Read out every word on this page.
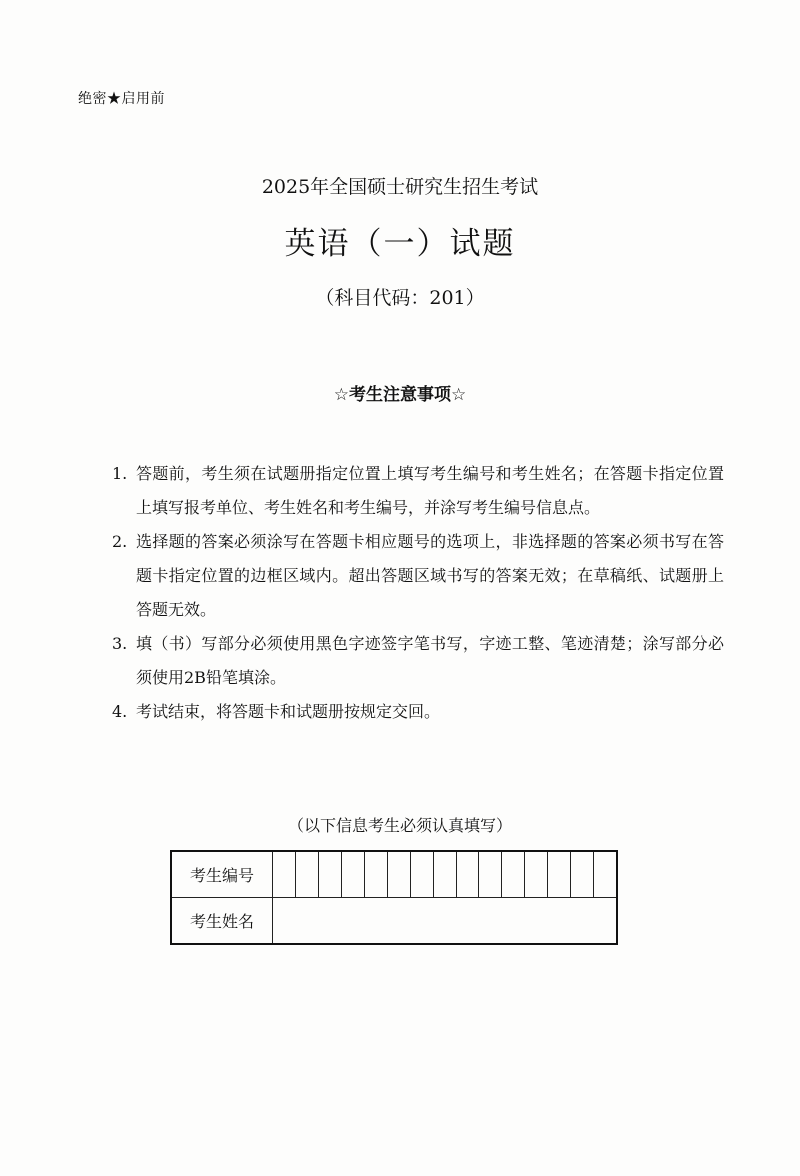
绝密★启用前
2025年全国硕士研究生招生考试
英语（一）试题
（科目代码：201）
☆考生注意事项☆
1. 答题前，考生须在试题册指定位置上填写考生编号和考生姓名；在答题卡指定位置上填写报考单位、考生姓名和考生编号，并涂写考生编号信息点。
2. 选择题的答案必须涂写在答题卡相应题号的选项上，非选择题的答案必须书写在答题卡指定位置的边框区域内。超出答题区域书写的答案无效；在草稿纸、试题册上答题无效。
3. 填（书）写部分必须使用黑色字迹签字笔书写，字迹工整、笔迹清楚；涂写部分必须使用2B铅笔填涂。
4. 考试结束，将答题卡和试题册按规定交回。
（以下信息考生必须认真填写）
考生编号	

考生姓名	
